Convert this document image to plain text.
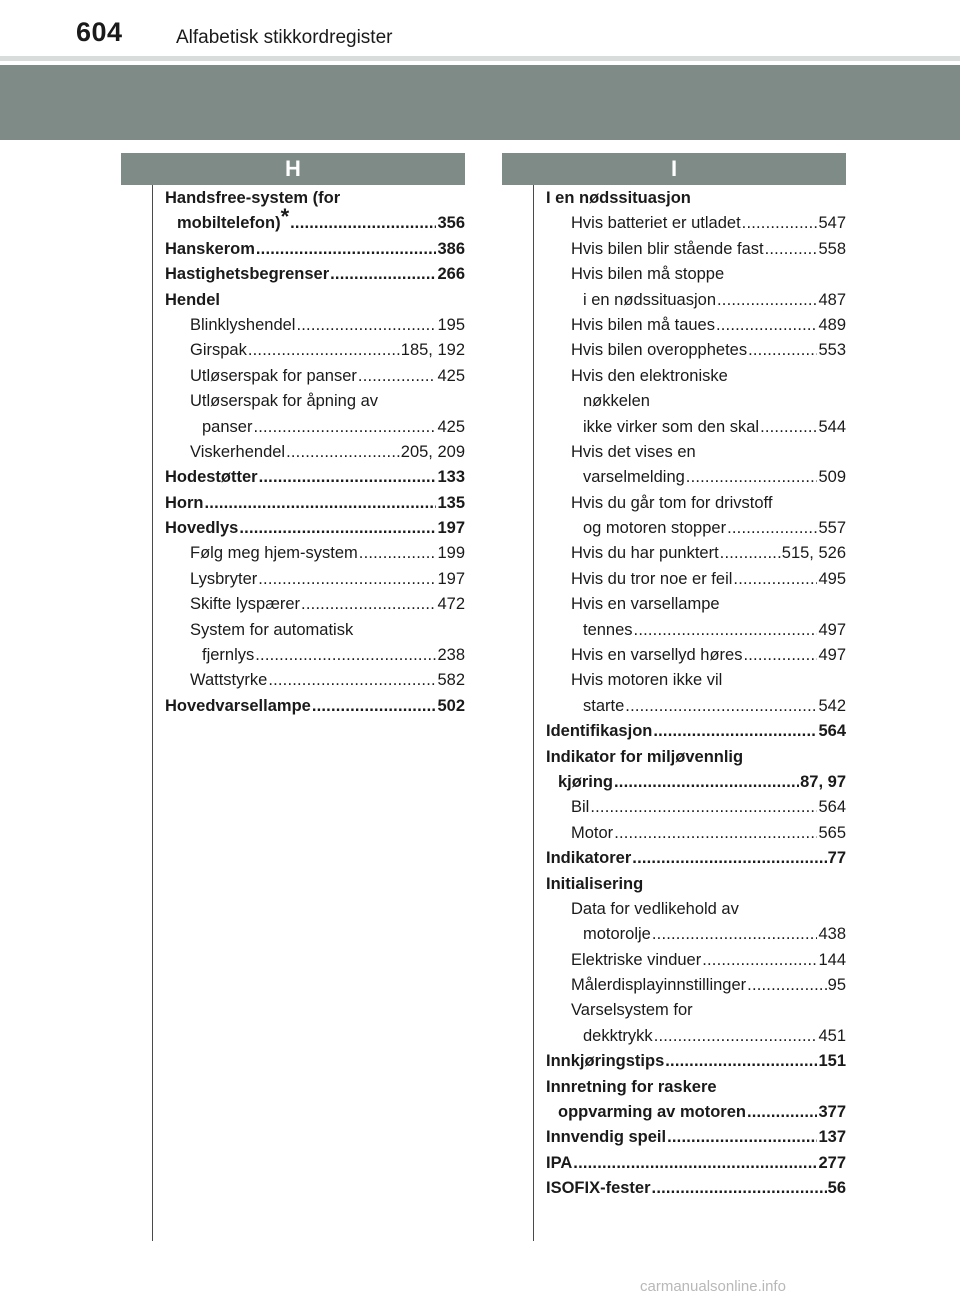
604	Alfabetisk stikkordregister
H	I
Handsfree-system (for
mobiltelefon)* .....	356
Hanskerom .....	386
Hastighetsbegrenser .....	266
Hendel
Blinklyshendel .....	195
Girspak .....	185, 192
Utløserspak for panser .....	425
Utløserspak for åpning av
panser .....	425
Viskerhendel .....	205, 209
Hodestøtter .....	133
Horn .....	135
Hovedlys .....	197
Følg meg hjem-system .....	199
Lysbryter .....	197
Skifte lyspærer .....	472
System for automatisk
fjernlys .....	238
Wattstyrke .....	582
Hovedvarsellampe .....	502
I en nødssituasjon
Hvis batteriet er utladet .....	547
Hvis bilen blir stående fast .....	558
Hvis bilen må stoppe
i en nødssituasjon .....	487
Hvis bilen må taues .....	489
Hvis bilen overopphetes .....	553
Hvis den elektroniske
nøkkelen
ikke virker som den skal .....	544
Hvis det vises en
varselmelding .....	509
Hvis du går tom for drivstoff
og motoren stopper .....	557
Hvis du har punktert .....	515, 526
Hvis du tror noe er feil .....	495
Hvis en varsellampe
tennes .....	497
Hvis en varsellyd høres .....	497
Hvis motoren ikke vil
starte .....	542
Identifikasjon .....	564
Indikator for miljøvennlig
kjøring .....	87, 97
Bil .....	564
Motor .....	565
Indikatorer .....	77
Initialisering
Data for vedlikehold av
motorolje .....	438
Elektriske vinduer .....	144
Målerdisplayinnstillinger .....	95
Varselsystem for
dekktrykk .....	451
Innkjøringstips .....	151
Innretning for raskere
oppvarming av motoren .....	377
Innvendig speil .....	137
IPA .....	277
ISOFIX-fester .....	56
carmanualsonline.info
